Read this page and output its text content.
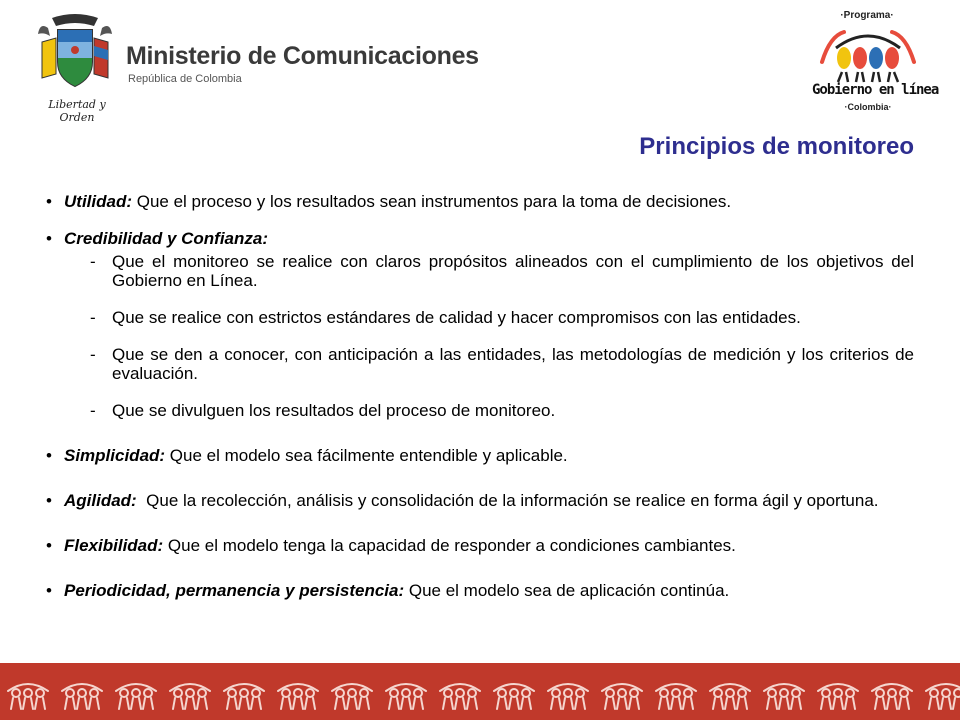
Libertad y Orden
Ministerio de Comunicaciones
República de Colombia
·Programa·
Gobierno en línea
·Colombia·
Principios de monitoreo
• Utilidad: Que el proceso y los resultados sean instrumentos para la toma de decisiones.
• Credibilidad y Confianza:
- Que el monitoreo se realice con claros propósitos alineados con el cumplimiento de los objetivos del Gobierno en Línea.
- Que se realice con estrictos estándares de calidad y hacer compromisos con las entidades.
- Que se den a conocer, con anticipación a las entidades, las metodologías de medición y los criterios de evaluación.
- Que se divulguen los resultados del proceso de monitoreo.
• Simplicidad: Que el modelo sea fácilmente entendible y aplicable.
• Agilidad:  Que la recolección, análisis y consolidación de la información se realice en forma ágil y oportuna.
• Flexibilidad: Que el modelo tenga la capacidad de responder a condiciones cambiantes.
• Periodicidad, permanencia y persistencia: Que el modelo sea de aplicación continúa.
